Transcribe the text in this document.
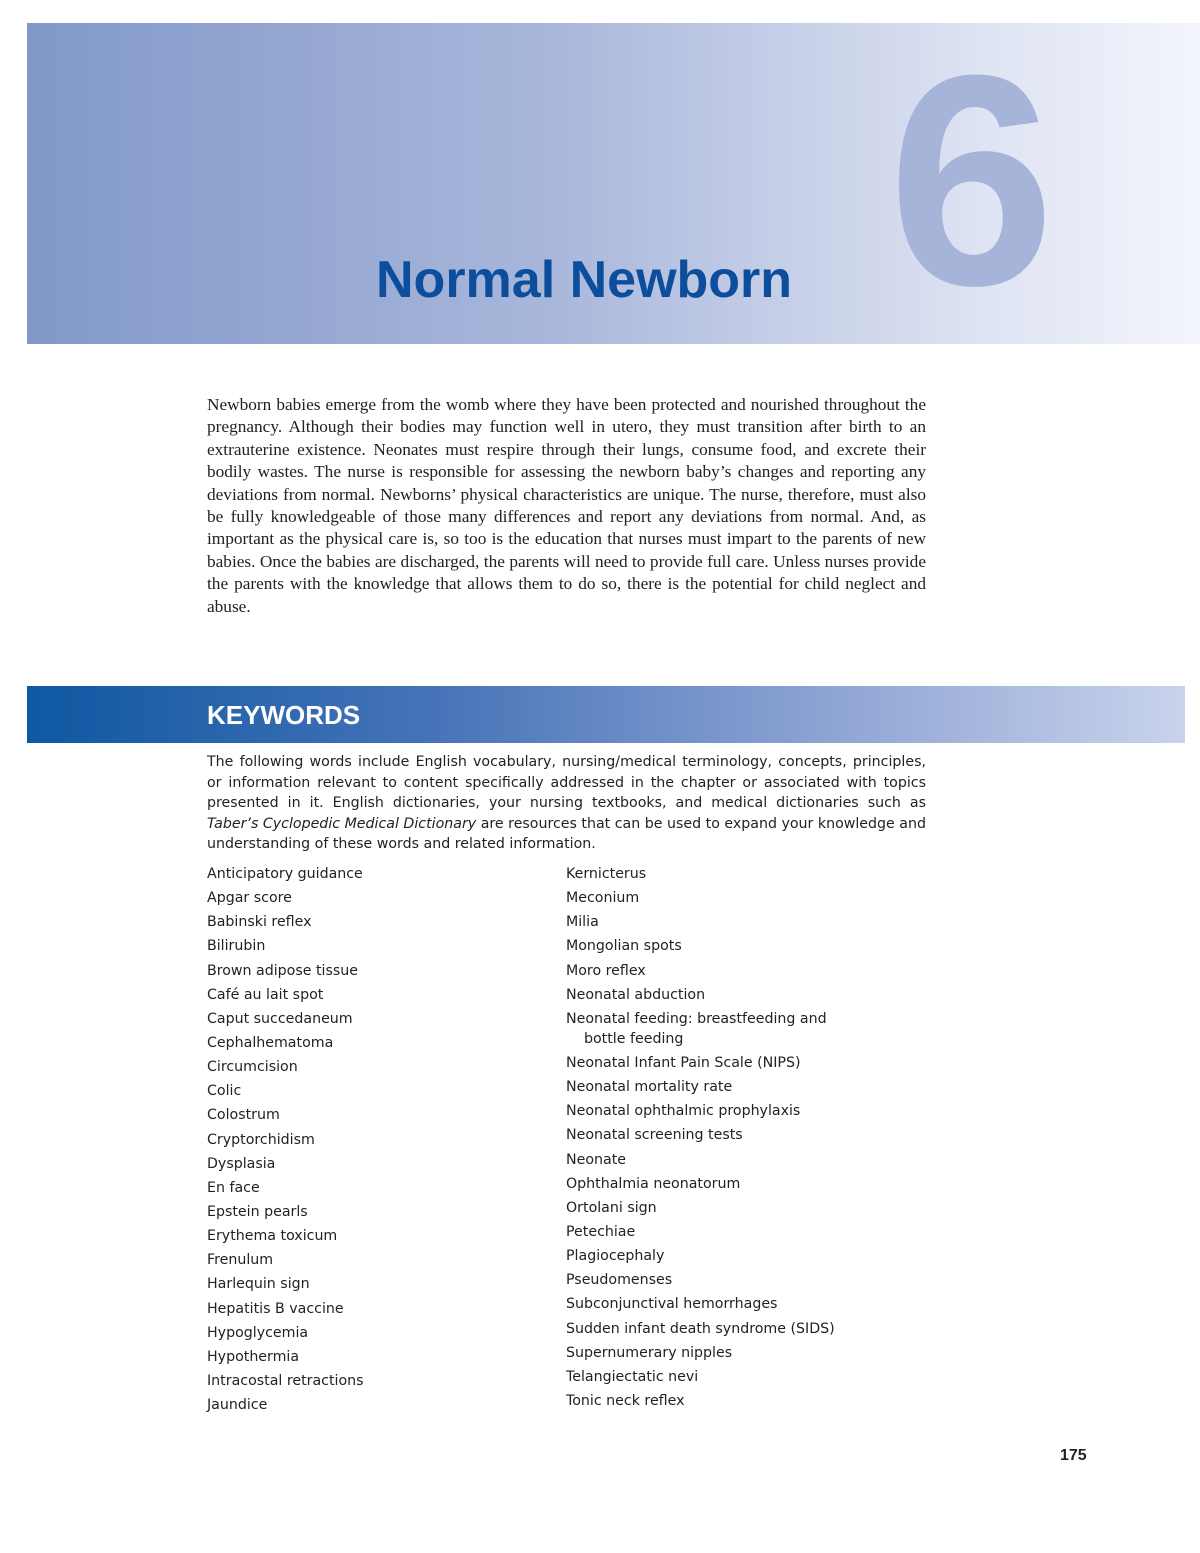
6
Normal Newborn

Newborn babies emerge from the womb where they have been protected and nourished throughout the pregnancy. Although their bodies may function well in utero, they must transition after birth to an extrauterine existence. Neonates must respire through their lungs, consume food, and excrete their bodily wastes. The nurse is responsible for assessing the newborn baby’s changes and reporting any deviations from normal. Newborns’ physical characteristics are unique. The nurse, therefore, must also be fully knowledgeable of those many differences and report any deviations from normal. And, as important as the physical care is, so too is the education that nurses must impart to the parents of new babies. Once the babies are discharged, the parents will need to provide full care. Unless nurses provide the parents with the knowledge that allows them to do so, there is the potential for child neglect and abuse.

KEYWORDS

The following words include English vocabulary, nursing/medical terminology, concepts, principles, or information relevant to content specifically addressed in the chapter or associated with topics presented in it. English dictionaries, your nursing textbooks, and medical dictionaries such as Taber’s Cyclopedic Medical Dictionary are resources that can be used to expand your knowledge and understanding of these words and related information.

Anticipatory guidance
Apgar score
Babinski reflex
Bilirubin
Brown adipose tissue
Café au lait spot
Caput succedaneum
Cephalhematoma
Circumcision
Colic
Colostrum
Cryptorchidism
Dysplasia
En face
Epstein pearls
Erythema toxicum
Frenulum
Harlequin sign
Hepatitis B vaccine
Hypoglycemia
Hypothermia
Intracostal retractions
Jaundice
Kernicterus
Meconium
Milia
Mongolian spots
Moro reflex
Neonatal abduction
Neonatal feeding: breastfeeding and
bottle feeding
Neonatal Infant Pain Scale (NIPS)
Neonatal mortality rate
Neonatal ophthalmic prophylaxis
Neonatal screening tests
Neonate
Ophthalmia neonatorum
Ortolani sign
Petechiae
Plagiocephaly
Pseudomenses
Subconjunctival hemorrhages
Sudden infant death syndrome (SIDS)
Supernumerary nipples
Telangiectatic nevi
Tonic neck reflex
175
